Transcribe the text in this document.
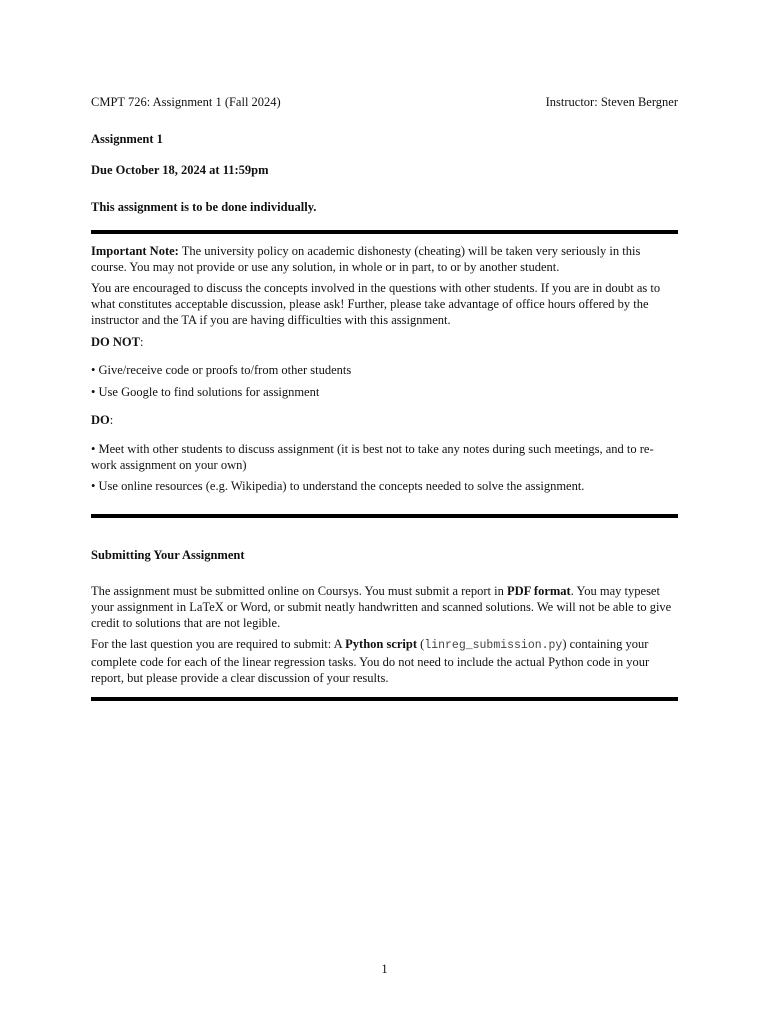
CMPT 726: Assignment 1 (Fall 2024)	Instructor: Steven Bergner
Assignment 1
Due October 18, 2024 at 11:59pm
This assignment is to be done individually.

Important Note: The university policy on academic dishonesty (cheating) will be taken very seriously in this course. You may not provide or use any solution, in whole or in part, to or by another student.

You are encouraged to discuss the concepts involved in the questions with other students. If you are in doubt as to what constitutes acceptable discussion, please ask! Further, please take advantage of office hours offered by the instructor and the TA if you are having difficulties with this assignment.
DO NOT:
• Give/receive code or proofs to/from other students
• Use Google to find solutions for assignment
DO:
• Meet with other students to discuss assignment (it is best not to take any notes during such meetings, and to re-work assignment on your own)
• Use online resources (e.g. Wikipedia) to understand the concepts needed to solve the assignment.
Submitting Your Assignment

The assignment must be submitted online on Coursys. You must submit a report in PDF format. You may typeset your assignment in LaTeX or Word, or submit neatly handwritten and scanned solutions. We will not be able to give credit to solutions that are not legible.

For the last question you are required to submit: A Python script (linreg_submission.py) containing your complete code for each of the linear regression tasks. You do not need to include the actual Python code in your report, but please provide a clear discussion of your results.

1
